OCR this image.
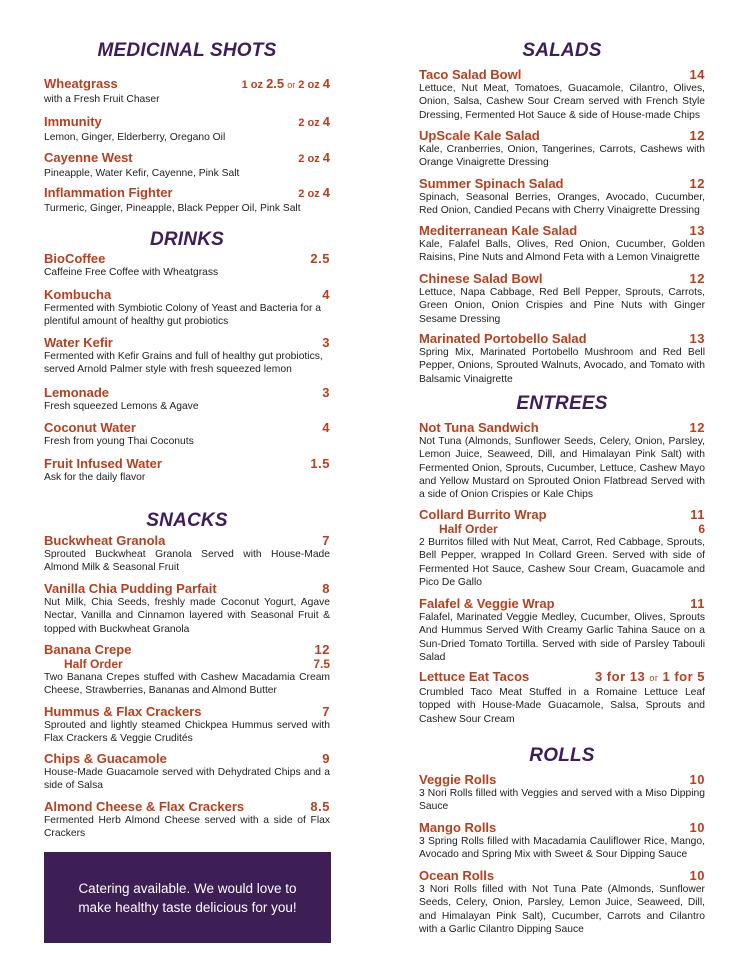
MEDICINAL SHOTS
Wheatgrass	1 oz 2.5 or 2 oz 4
with a Fresh Fruit Chaser
Immunity	2 oz 4
Lemon, Ginger, Elderberry, Oregano Oil
Cayenne West	2 oz 4
Pineapple, Water Kefir, Cayenne, Pink Salt
Inflammation Fighter	2 oz 4
Turmeric, Ginger, Pineapple, Black Pepper Oil, Pink Salt
DRINKS
BioCoffee	2.5
Caffeine Free Coffee with Wheatgrass
Kombucha	4
Fermented with Symbiotic Colony of Yeast and Bacteria for a plentiful amount of healthy gut probiotics
Water Kefir	3
Fermented with Kefir Grains and full of healthy gut probiotics, served Arnold Palmer style with fresh squeezed lemon
Lemonade	3
Fresh squeezed Lemons & Agave
Coconut Water	4
Fresh from young Thai Coconuts
Fruit Infused Water	1.5
Ask for the daily flavor
SNACKS
Buckwheat Granola	7
Sprouted Buckwheat Granola Served with House-Made Almond Milk & Seasonal Fruit
Vanilla Chia Pudding Parfait	8
Nut Milk, Chia Seeds, freshly made Coconut Yogurt, Agave Nectar, Vanilla and Cinnamon layered with Seasonal Fruit & topped with Buckwheat Granola
Banana Crepe	12
Half Order	7.5
Two Banana Crepes stuffed with Cashew Macadamia Cream Cheese, Strawberries, Bananas and Almond Butter
Hummus & Flax Crackers	7
Sprouted and lightly steamed Chickpea Hummus served with Flax Crackers & Veggie Crudités
Chips & Guacamole	9
House-Made Guacamole served with Dehydrated Chips and a side of Salsa
Almond Cheese & Flax Crackers	8.5
Fermented Herb Almond Cheese served with a side of Flax Crackers
Catering available. We would love to make healthy taste delicious for you!
SALADS
Taco Salad Bowl	14
Lettuce, Nut Meat, Tomatoes, Guacamole, Cilantro, Olives, Onion, Salsa, Cashew Sour Cream served with French Style Dressing, Fermented Hot Sauce & side of House-made Chips
UpScale Kale Salad	12
Kale, Cranberries, Onion, Tangerines, Carrots, Cashews with Orange Vinaigrette Dressing
Summer Spinach Salad	12
Spinach, Seasonal Berries, Oranges, Avocado, Cucumber, Red Onion, Candied Pecans with Cherry Vinaigrette Dressing
Mediterranean Kale Salad	13
Kale, Falafel Balls, Olives, Red Onion, Cucumber, Golden Raisins, Pine Nuts and Almond Feta with a Lemon Vinaigrette
Chinese Salad Bowl	12
Lettuce, Napa Cabbage, Red Bell Pepper, Sprouts, Carrots, Green Onion, Onion Crispies and Pine Nuts with Ginger Sesame Dressing
Marinated Portobello Salad	13
Spring Mix, Marinated Portobello Mushroom and Red Bell Pepper, Onions, Sprouted Walnuts, Avocado, and Tomato with Balsamic Vinaigrette
ENTREES
Not Tuna Sandwich	12
Not Tuna (Almonds, Sunflower Seeds, Celery, Onion, Parsley, Lemon Juice, Seaweed, Dill, and Himalayan Pink Salt) with Fermented Onion, Sprouts, Cucumber, Lettuce, Cashew Mayo and Yellow Mustard on Sprouted Onion Flatbread Served with a side of Onion Crispies or Kale Chips
Collard Burrito Wrap	11
Half Order	6
2 Burritos filled with Nut Meat, Carrot, Red Cabbage, Sprouts, Bell Pepper, wrapped In Collard Green. Served with side of Fermented Hot Sauce, Cashew Sour Cream, Guacamole and Pico De Gallo
Falafel & Veggie Wrap	11
Falafel, Marinated Veggie Medley, Cucumber, Olives, Sprouts And Hummus Served With Creamy Garlic Tahina Sauce on a Sun-Dried Tomato Tortilla. Served with side of Parsley Tabouli Salad
Lettuce Eat Tacos	3 for 13 or 1 for 5
Crumbled Taco Meat Stuffed in a Romaine Lettuce Leaf topped with House-Made Guacamole, Salsa, Sprouts and Cashew Sour Cream
ROLLS
Veggie Rolls	10
3 Nori Rolls filled with Veggies and served with a Miso Dipping Sauce
Mango Rolls	10
3 Spring Rolls filled with Macadamia Cauliflower Rice, Mango, Avocado and Spring Mix with Sweet & Sour Dipping Sauce
Ocean Rolls	10
3 Nori Rolls filled with Not Tuna Pate (Almonds, Sunflower Seeds, Celery, Onion, Parsley, Lemon Juice, Seaweed, Dill, and Himalayan Pink Salt), Cucumber, Carrots and Cilantro with a Garlic Cilantro Dipping Sauce
